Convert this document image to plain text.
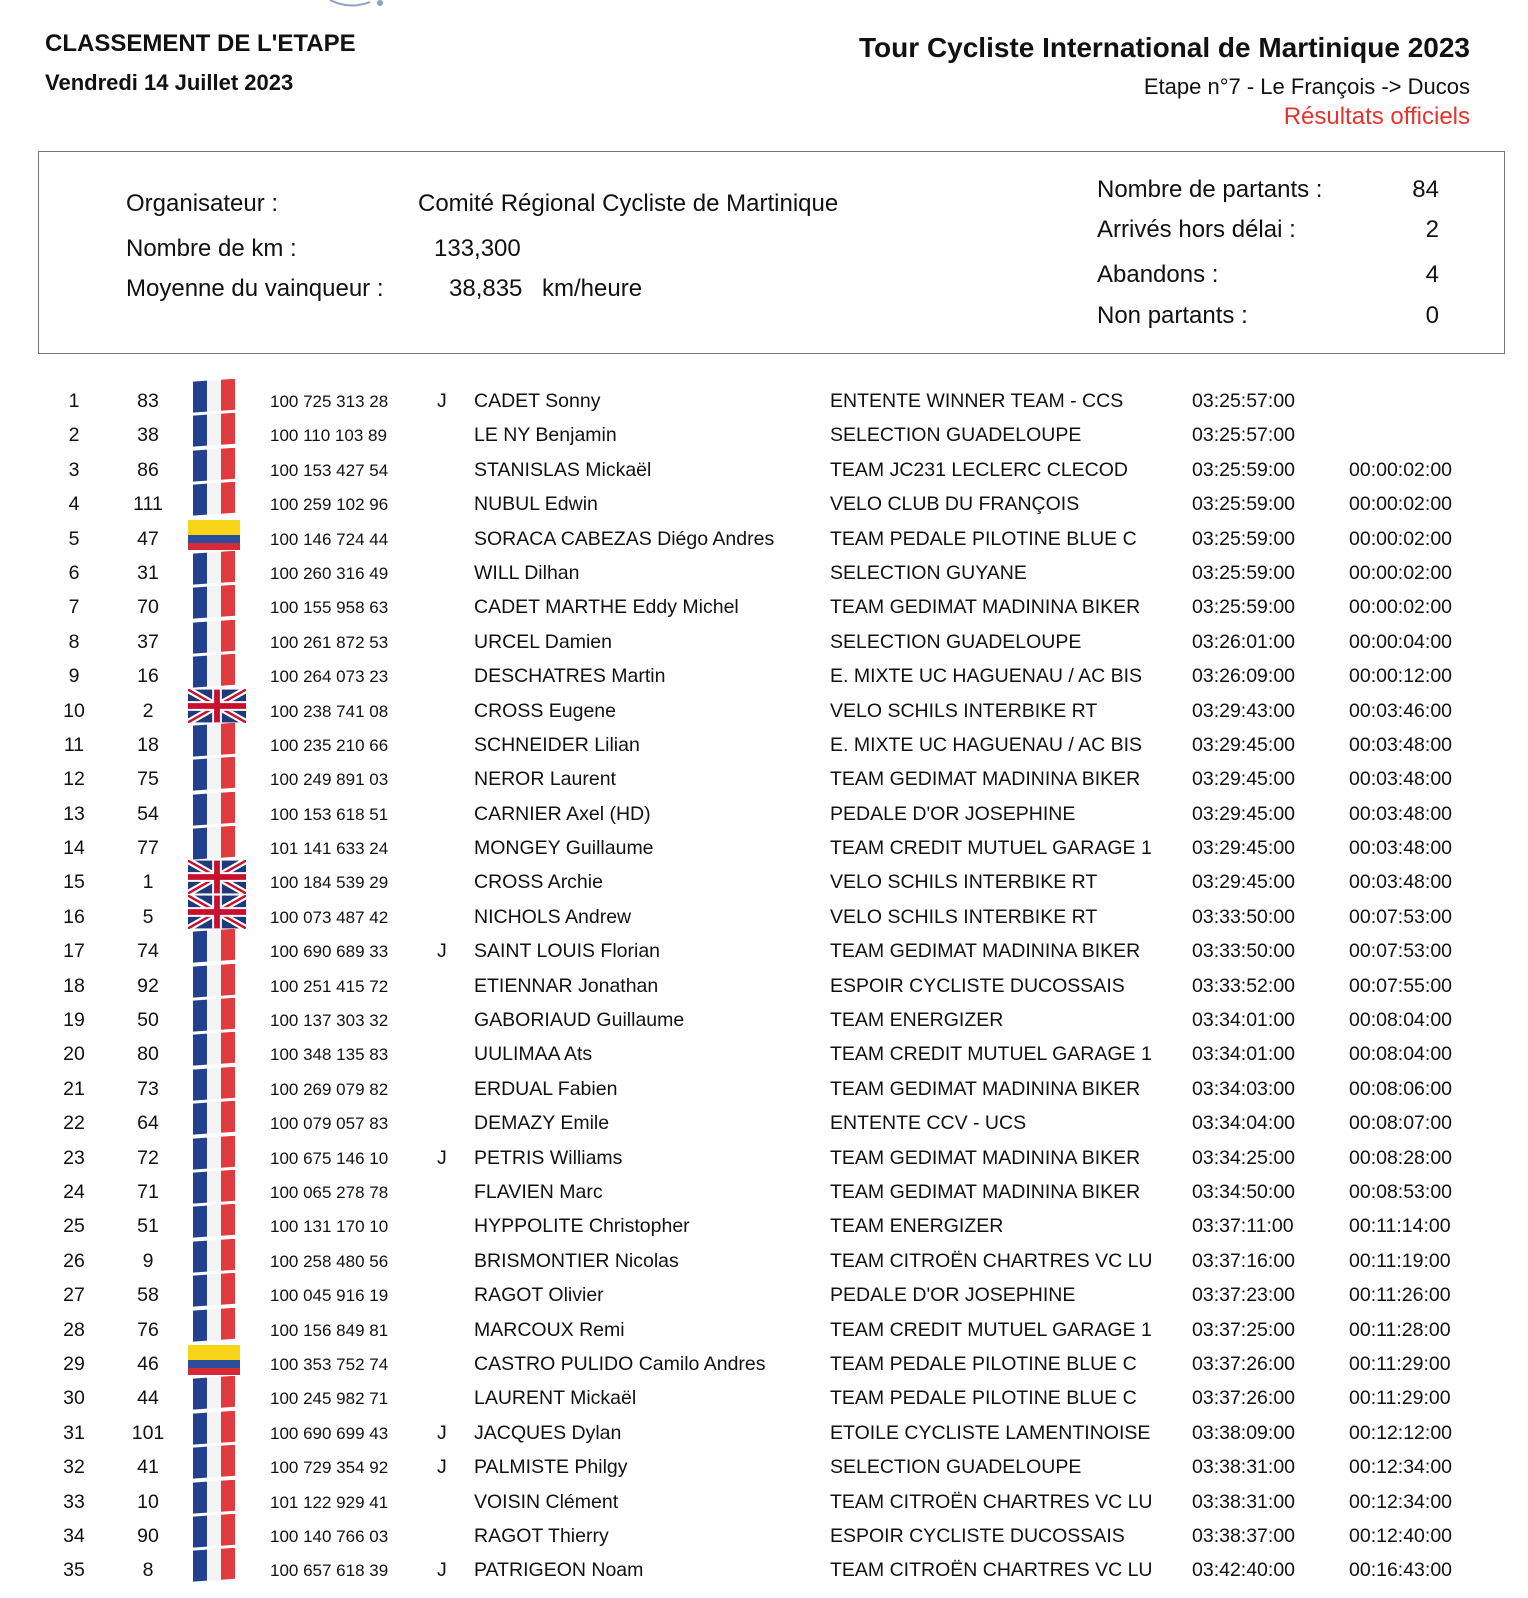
CLASSEMENT DE L'ETAPE
Vendredi 14 Juillet 2023
Tour Cycliste International de Martinique 2023
Etape n°7 - Le François -> Ducos
Résultats officiels
Organisateur :	Comité Régional Cycliste de Martinique
Nombre de km :	133,300
Moyenne du vainqueur :	38,835 km/heure
Nombre de partants :	84
Arrivés hors délai :	2
Abandons :	4
Non partants :	0
1	83	100 725 313 28	J CADET Sonny	ENTENTE WINNER TEAM - CCS	03:25:57:00
2	38	100 110 103 89	LE NY Benjamin	SELECTION GUADELOUPE	03:25:57:00
3	86	100 153 427 54	STANISLAS Mickaël	TEAM JC231 LECLERC CLECOD	03:25:59:00	00:00:02:00
4	111	100 259 102 96	NUBUL Edwin	VELO CLUB DU FRANÇOIS	03:25:59:00	00:00:02:00
5	47	100 146 724 44	SORACA CABEZAS Diégo Andres	TEAM PEDALE PILOTINE BLUE C	03:25:59:00	00:00:02:00
6	31	100 260 316 49	WILL Dilhan	SELECTION GUYANE	03:25:59:00	00:00:02:00
7	70	100 155 958 63	CADET MARTHE Eddy Michel	TEAM GEDIMAT MADININA BIKER	03:25:59:00	00:00:02:00
8	37	100 261 872 53	URCEL Damien	SELECTION GUADELOUPE	03:26:01:00	00:00:04:00
9	16	100 264 073 23	DESCHATRES Martin	E. MIXTE UC HAGUENAU / AC BIS	03:26:09:00	00:00:12:00
10	2	100 238 741 08	CROSS Eugene	VELO SCHILS INTERBIKE RT	03:29:43:00	00:03:46:00
11	18	100 235 210 66	SCHNEIDER Lilian	E. MIXTE UC HAGUENAU / AC BIS	03:29:45:00	00:03:48:00
12	75	100 249 891 03	NEROR Laurent	TEAM GEDIMAT MADININA BIKER	03:29:45:00	00:03:48:00
13	54	100 153 618 51	CARNIER Axel (HD)	PEDALE D'OR JOSEPHINE	03:29:45:00	00:03:48:00
14	77	101 141 633 24	MONGEY Guillaume	TEAM CREDIT MUTUEL GARAGE 1 03:29:45:00	00:03:48:00
15	1	100 184 539 29	CROSS Archie	VELO SCHILS INTERBIKE RT	03:29:45:00	00:03:48:00
16	5	100 073 487 42	NICHOLS Andrew	VELO SCHILS INTERBIKE RT	03:33:50:00	00:07:53:00
17	74	100 690 689 33	J SAINT LOUIS Florian	TEAM GEDIMAT MADININA BIKER	03:33:50:00	00:07:53:00
18	92	100 251 415 72	ETIENNAR Jonathan	ESPOIR CYCLISTE DUCOSSAIS	03:33:52:00	00:07:55:00
19	50	100 137 303 32	GABORIAUD Guillaume	TEAM ENERGIZER	03:34:01:00	00:08:04:00
20	80	100 348 135 83	UULIMAA Ats	TEAM CREDIT MUTUEL GARAGE 1 03:34:01:00	00:08:04:00
21	73	100 269 079 82	ERDUAL Fabien	TEAM GEDIMAT MADININA BIKER	03:34:03:00	00:08:06:00
22	64	100 079 057 83	DEMAZY Emile	ENTENTE CCV - UCS	03:34:04:00	00:08:07:00
23	72	100 675 146 10	J PETRIS Williams	TEAM GEDIMAT MADININA BIKER	03:34:25:00	00:08:28:00
24	71	100 065 278 78	FLAVIEN Marc	TEAM GEDIMAT MADININA BIKER	03:34:50:00	00:08:53:00
25	51	100 131 170 10	HYPPOLITE Christopher	TEAM ENERGIZER	03:37:11:00	00:11:14:00
26	9	100 258 480 56	BRISMONTIER Nicolas	TEAM CITROËN CHARTRES VC LU 03:37:16:00	00:11:19:00
27	58	100 045 916 19	RAGOT Olivier	PEDALE D'OR JOSEPHINE	03:37:23:00	00:11:26:00
28	76	100 156 849 81	MARCOUX Remi	TEAM CREDIT MUTUEL GARAGE 1 03:37:25:00	00:11:28:00
29	46	100 353 752 74	CASTRO PULIDO Camilo Andres	TEAM PEDALE PILOTINE BLUE C	03:37:26:00	00:11:29:00
30	44	100 245 982 71	LAURENT Mickaël	TEAM PEDALE PILOTINE BLUE C	03:37:26:00	00:11:29:00
31 101	100 690 699 43	J JACQUES Dylan	ETOILE CYCLISTE LAMENTINOISE 03:38:09:00	00:12:12:00
32	41	100 729 354 92	J PALMISTE Philgy	SELECTION GUADELOUPE	03:38:31:00	00:12:34:00
33	10	101 122 929 41	VOISIN Clément	TEAM CITROËN CHARTRES VC LU 03:38:31:00	00:12:34:00
34	90	100 140 766 03	RAGOT Thierry	ESPOIR CYCLISTE DUCOSSAIS	03:38:37:00	00:12:40:00
35	8	100 657 618 39	J PATRIGEON Noam	TEAM CITROËN CHARTRES VC LU 03:42:40:00	00:16:43:00
